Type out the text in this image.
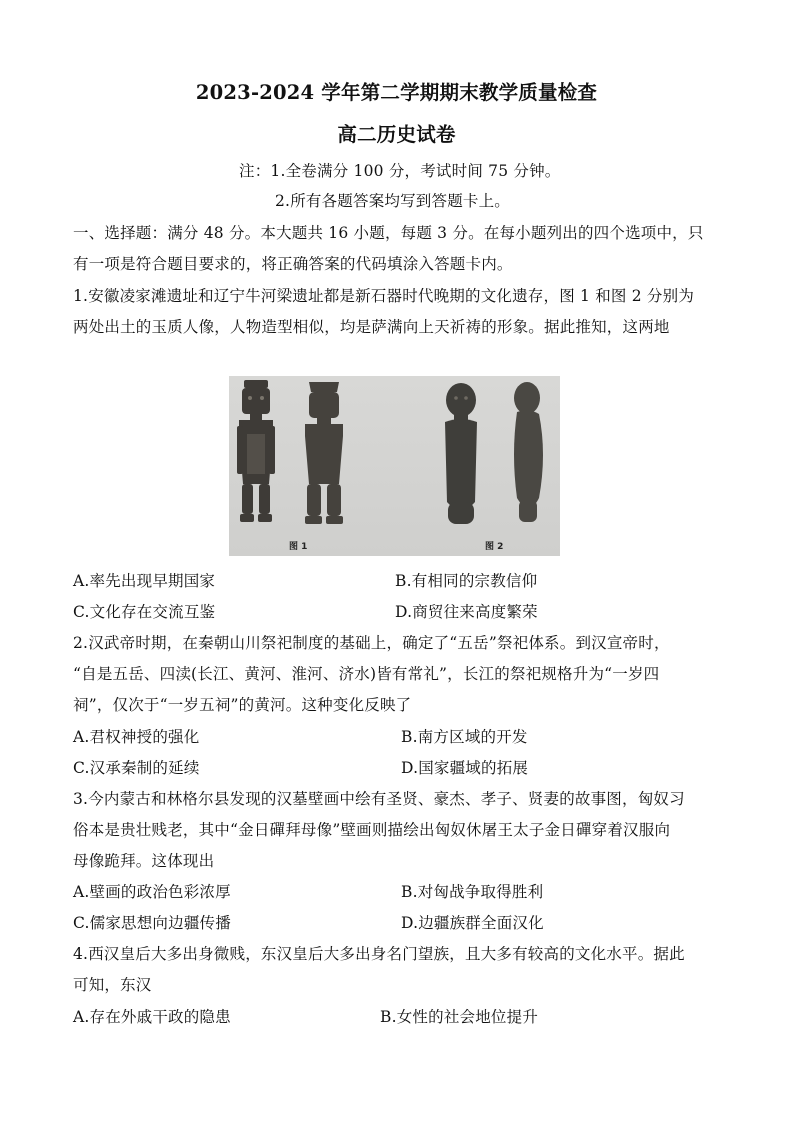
2023-2024 学年第二学期期末教学质量检查
高二历史试卷
注：1.全卷满分 100 分，考试时间 75 分钟。
2.所有各题答案均写到答题卡上。
一、选择题：满分 48 分。本大题共 16 小题，每题 3 分。在每小题列出的四个选项中，只
有一项是符合题目要求的，将正确答案的代码填涂入答题卡内。
1.安徽凌家滩遗址和辽宁牛河梁遗址都是新石器时代晚期的文化遗存，图 1 和图 2 分别为
两处出土的玉质人像，人物造型相似，均是萨满向上天祈祷的形象。据此推知，这两地
图 1	图 2
A.率先出现早期国家	B.有相同的宗教信仰
C.文化存在交流互鉴	D.商贸往来高度繁荣
2.汉武帝时期，在秦朝山川祭祀制度的基础上，确定了“五岳”祭祀体系。到汉宣帝时，
“自是五岳、四渎(长江、黄河、淮河、济水)皆有常礼”，长江的祭祀规格升为“一岁四
祠”，仅次于“一岁五祠”的黄河。这种变化反映了
A.君权神授的强化	B.南方区域的开发
C.汉承秦制的延续	D.国家疆域的拓展
3.今内蒙古和林格尔县发现的汉墓壁画中绘有圣贤、豪杰、孝子、贤妻的故事图，匈奴习
俗本是贵壮贱老，其中“金日磾拜母像”壁画则描绘出匈奴休屠王太子金日磾穿着汉服向
母像跪拜。这体现出
A.壁画的政治色彩浓厚	B.对匈战争取得胜利
C.儒家思想向边疆传播	D.边疆族群全面汉化
4.西汉皇后大多出身微贱，东汉皇后大多出身名门望族，且大多有较高的文化水平。据此
可知，东汉
A.存在外戚干政的隐患	B.女性的社会地位提升
